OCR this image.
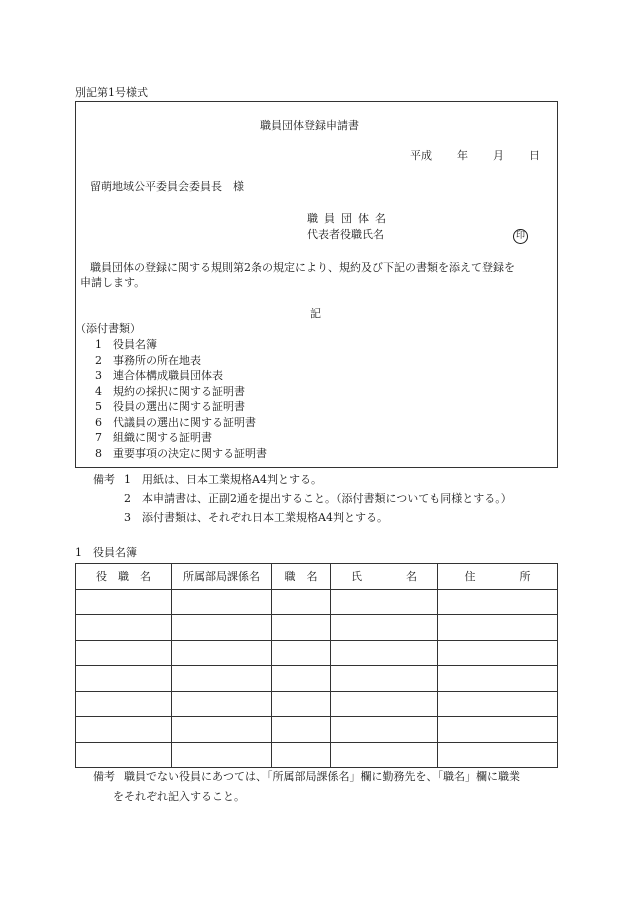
別記第1号様式
職員団体登録申請書
平成 年 月 日
留萌地域公平委員会委員長　様
職員団体名
代表者役職氏名	印
職員団体の登録に関する規則第2条の規定により、規約及び下記の書類を添えて登録を
申請します。
記
（添付書類）
1 役員名簿
2 事務所の所在地表
3 連合体構成職員団体表
4 規約の採択に関する証明書
5 役員の選出に関する証明書
6 代議員の選出に関する証明書
7 組織に関する証明書
8 重要事項の決定に関する証明書
備考 1 用紙は、日本工業規格A4判とする。
2 本申請書は、正副2通を提出すること。（添付書類についても同様とする。）
3 添付書類は、それぞれ日本工業規格A4判とする。
1　役員名簿
役　職　名	所属部局課係名	職　名	氏　　　　名	住　　　　所

備考 職員でない役員にあつては、「所属部局課係名」欄に勤務先を、「職名」欄に職業
をそれぞれ記入すること。
